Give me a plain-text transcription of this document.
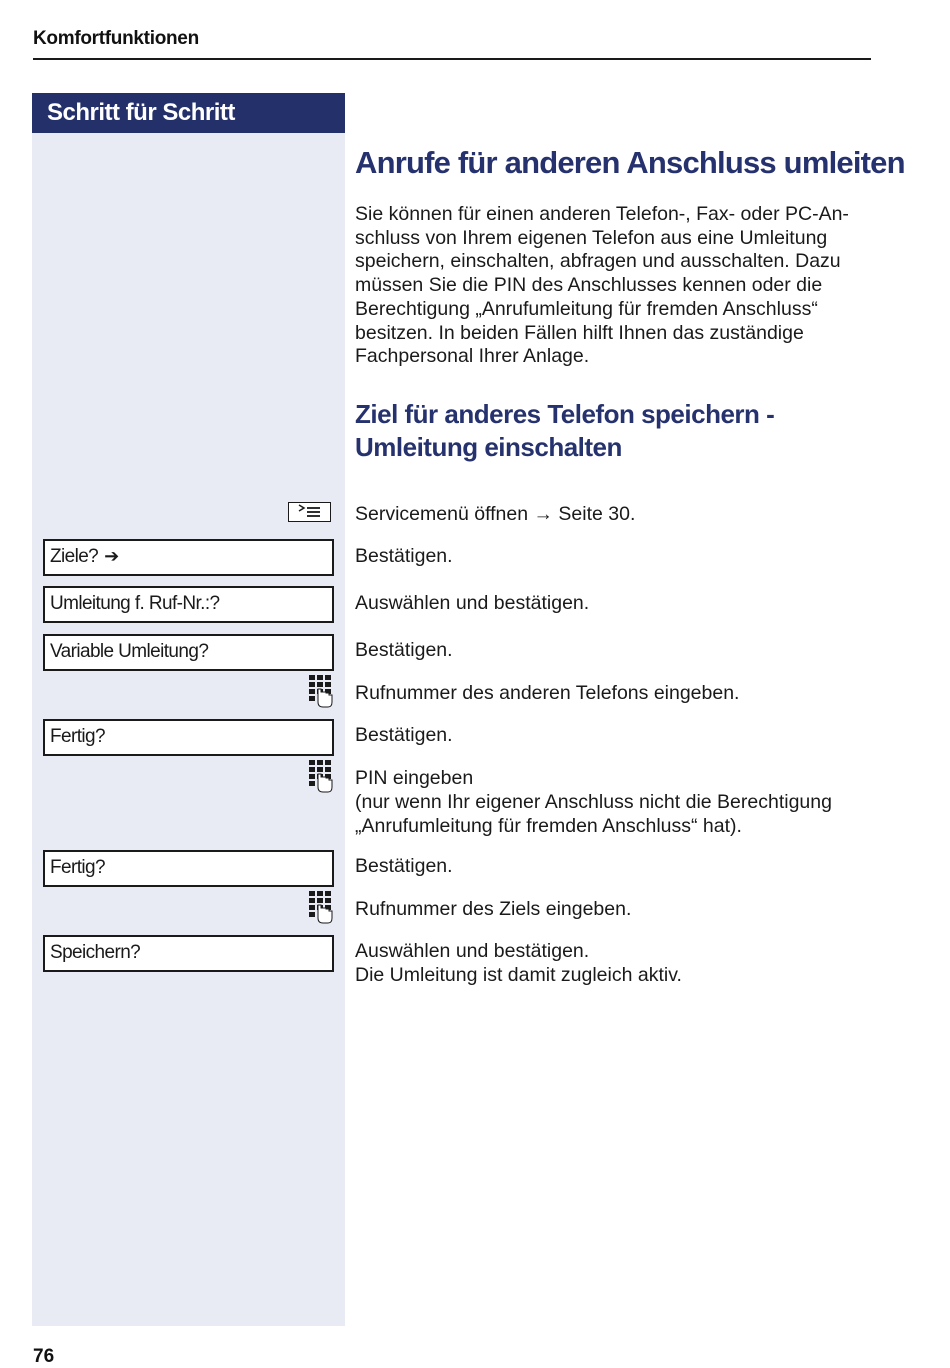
Komfortfunktionen
Schritt für Schritt
Anrufe für anderen Anschluss umleiten
Sie können für einen anderen Telefon-, Fax- oder PC-An-
schluss von Ihrem eigenen Telefon aus eine Umleitung
speichern, einschalten, abfragen und ausschalten. Dazu
müssen Sie die PIN des Anschlusses kennen oder die
Berechtigung „Anrufumleitung für fremden Anschluss“
besitzen. In beiden Fällen hilft Ihnen das zuständige
Fachpersonal Ihrer Anlage.
Ziel für anderes Telefon speichern -
Umleitung einschalten
Servicemenü öffnen → Seite 30.
Ziele? ➔	Bestätigen.
Umleitung f. Ruf-Nr.:?	Auswählen und bestätigen.
Variable Umleitung?	Bestätigen.
Rufnummer des anderen Telefons eingeben.
Fertig?	Bestätigen.
PIN eingeben
(nur wenn Ihr eigener Anschluss nicht die Berechtigung
„Anrufumleitung für fremden Anschluss“ hat).
Fertig?	Bestätigen.
Rufnummer des Ziels eingeben.
Speichern?	Auswählen und bestätigen.
Die Umleitung ist damit zugleich aktiv.
76
